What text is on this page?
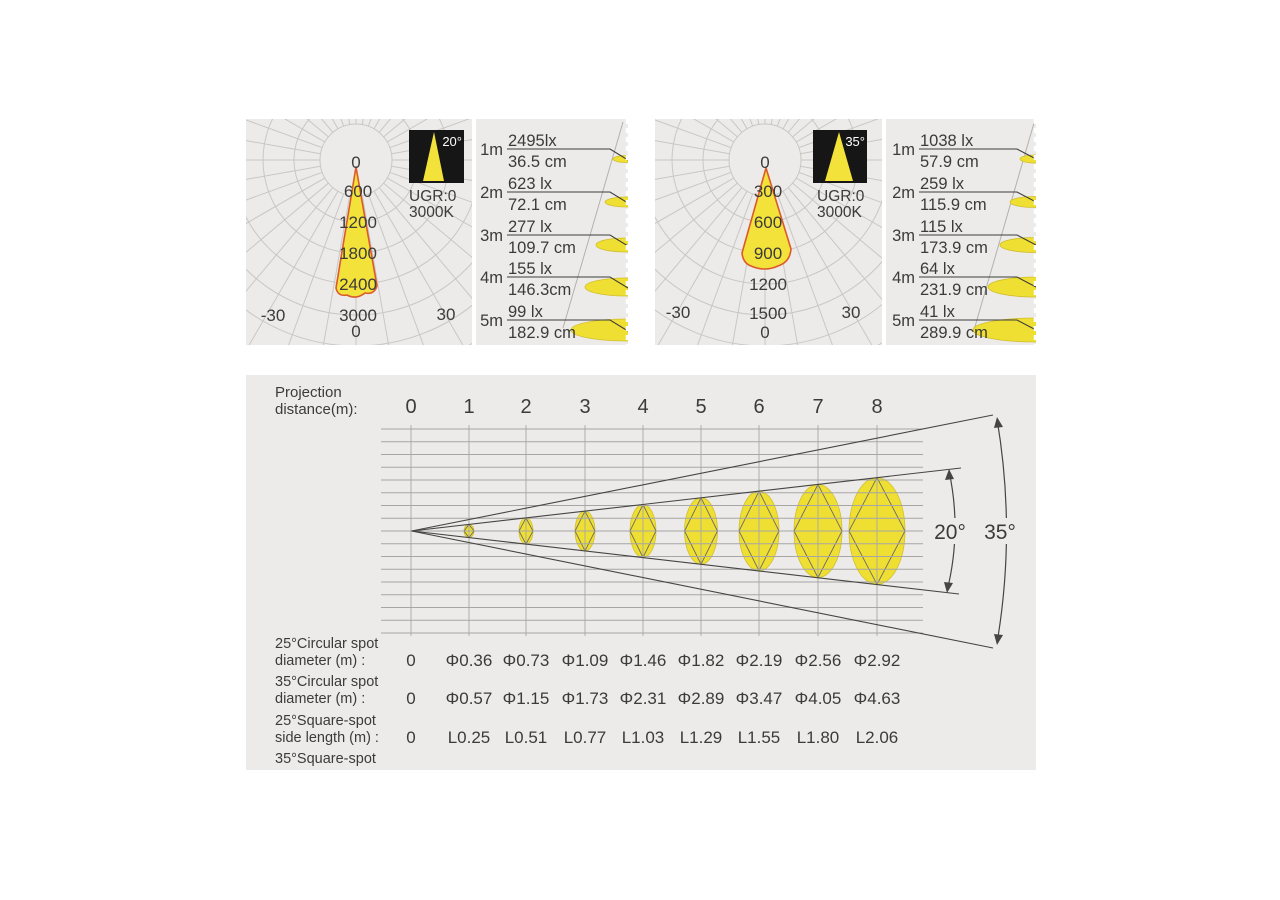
20°
UGR:0
3000K
0
600
1200
1800
2400
3000
-30
0
30
1m 2495lx
36.5 cm
2m 623 lx
72.1 cm
3m 277 lx
109.7 cm
4m 155 lx
146.3cm
5m 99 lx
182.9 cm
35°
UGR:0
3000K
0
300
600
900
1200
1500
-30
0
30
1m 1038 lx
57.9 cm
2m 259 lx
115.9 cm
3m 115 lx
173.9 cm
4m 64 lx
231.9 cm
5m 41 lx
289.9 cm
20° 35°
Projection
distance(m): 0 1 2 3 4 5 6 7 8
25°Circular spot
diameter (m) : 0 Φ0.36 Φ0.73 Φ1.09 Φ1.46 Φ1.82 Φ2.19 Φ2.56 Φ2.92
35°Circular spot
diameter (m) : 0 Φ0.57 Φ1.15 Φ1.73 Φ2.31 Φ2.89 Φ3.47 Φ4.05 Φ4.63
25°Square-spot
side length (m) : 0 L0.25 L0.51 L0.77 L1.03 L1.29 L1.55 L1.80 L2.06
35°Square-spot
